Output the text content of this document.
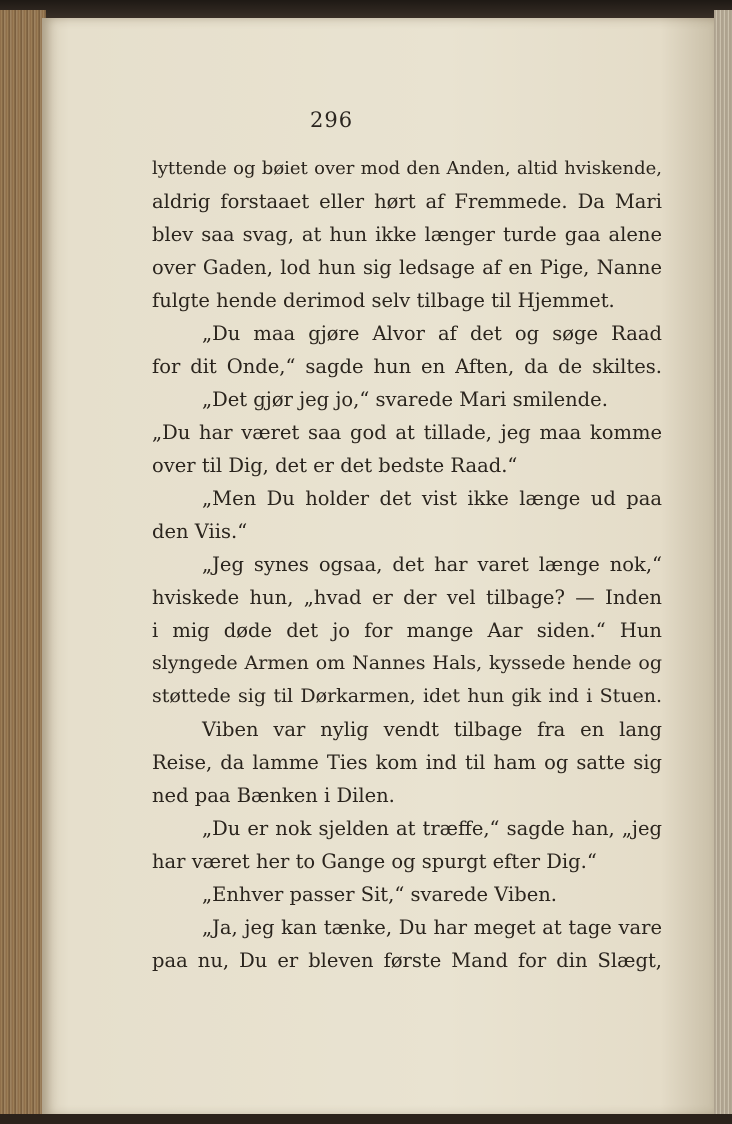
296
lyttende og bøiet over mod den Anden, altid hviskende,
aldrig forstaaet eller hørt af Fremmede. Da Mari
blev saa svag, at hun ikke længer turde gaa alene
over Gaden, lod hun sig ledsage af en Pige, Nanne
fulgte hende derimod selv tilbage til Hjemmet.
„Du maa gjøre Alvor af det og søge Raad
for dit Onde,“ sagde hun en Aften, da de skiltes.
„Det gjør jeg jo,“ svarede Mari smilende.
„Du har været saa god at tillade, jeg maa komme
over til Dig, det er det bedste Raad.“
„Men Du holder det vist ikke længe ud paa
den Viis.“
„Jeg synes ogsaa, det har varet længe nok,“
hviskede hun, „hvad er der vel tilbage? — Inden
i mig døde det jo for mange Aar siden.“ Hun
slyngede Armen om Nannes Hals, kyssede hende og
støttede sig til Dørkarmen, idet hun gik ind i Stuen.
Viben var nylig vendt tilbage fra en lang
Reise, da lamme Ties kom ind til ham og satte sig
ned paa Bænken i Dilen.
„Du er nok sjelden at træffe,“ sagde han, „jeg
har været her to Gange og spurgt efter Dig.“
„Enhver passer Sit,“ svarede Viben.
„Ja, jeg kan tænke, Du har meget at tage vare
paa nu, Du er bleven første Mand for din Slægt,
